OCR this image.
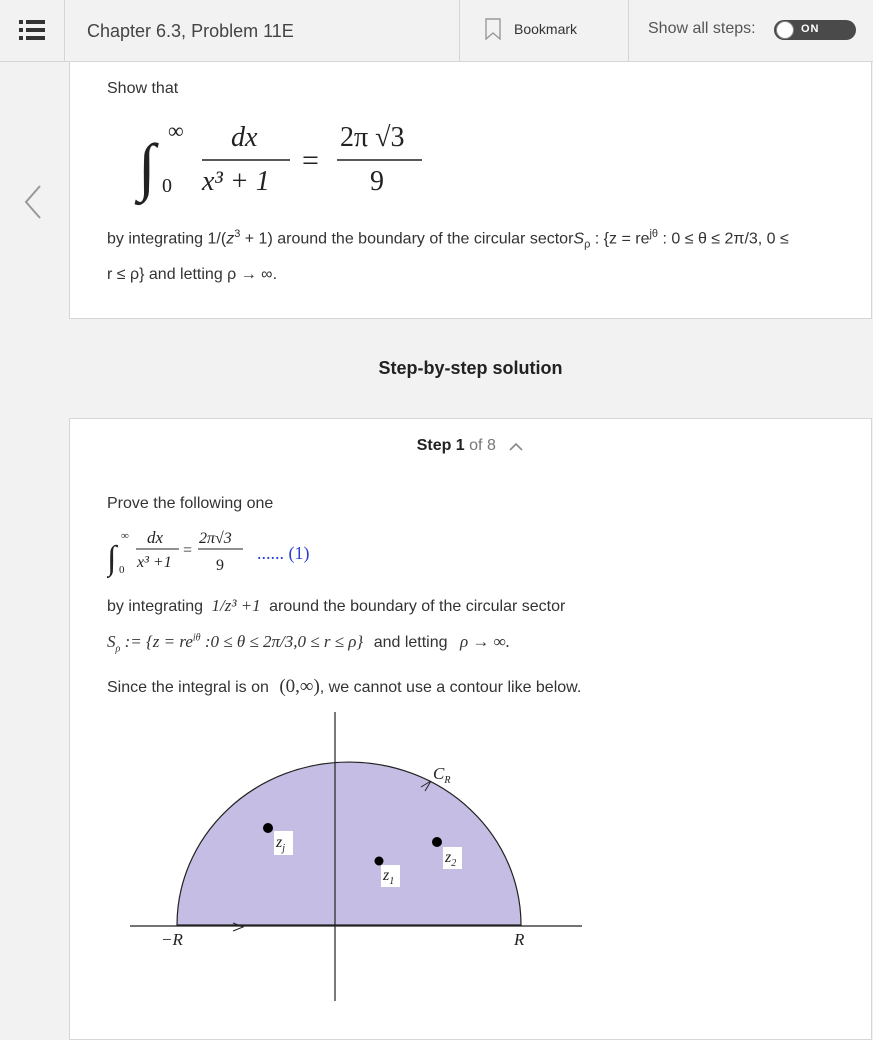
Chapter 6.3, Problem 11E	Bookmark	Show all steps:	ON
Show that
∫
∞
0
dx
x³ + 1
=
2π √3
9
by integrating $1/(z^3 + 1)$ around the boundary of the circular sectorS$_\rho$ : {$z = re^{j\theta}$ : 0 ≤ θ ≤ 2π/3, 0 ≤
r ≤ ρ} and letting ρ → ∞.
Step-by-step solution
Step 1 of 8
Prove the following one
∫
∞
0
dx
x³ +1
=
2π√3
9
...... (1)
by integrating 1/z³ +1 around the boundary of the circular sector
$S_\rho$ := {$z = re^{i\theta}$ :0 ≤ θ ≤ 2π/3,0 ≤ r ≤ ρ} and letting ρ → ∞.
Since the integral is on (0,∞), we cannot use a contour like below.
$C_R$
$z_j$
$z_1$
$z_2$
−R	R
